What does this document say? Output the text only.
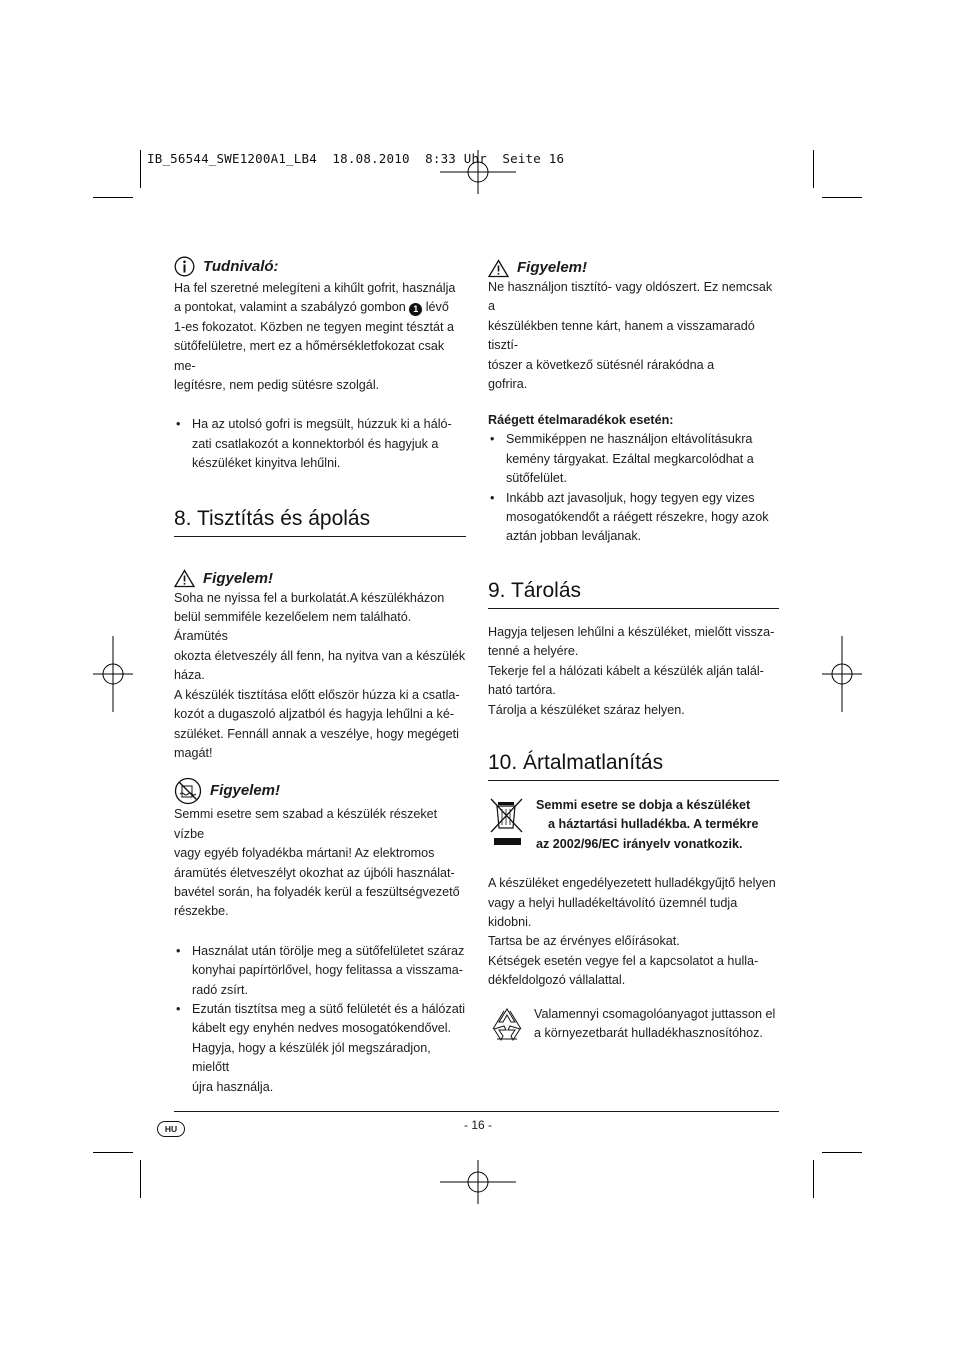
IB_56544_SWE1200A1_LB4  18.08.2010  8:33 Uhr  Seite 16
Tudnivaló:

Ha fel szeretné melegíteni a kihűlt gofrit, használja

a pontokat, valamint a szabályzó gombon 1 lévő

1-es fokozatot. Közben ne tegyen megint tésztát a

sütőfelületre, mert ez a hőmérsékletfokozat csak me-

legítésre, nem pedig sütésre szolgál.

• Ha az utolsó gofri is megsült, húzzuk ki a háló-

zati csatlakozót a konnektorból és hagyjuk a

készüléket kinyitva lehűlni.

8. Tisztítás és ápolás
Figyelem!

Soha ne nyissa fel a burkolatát.A készülékházon

belül semmiféle kezelőelem nem található. Áramütés

okozta életveszély áll fenn, ha nyitva van a készülék

háza.

A készülék tisztítása előtt először húzza ki a csatla-

kozót a dugaszoló aljzatból és hagyja lehűlni a ké-

szüléket. Fennáll annak a veszélye, hogy megégeti

magát!

Figyelem!

Semmi esetre sem szabad a készülék részeket vízbe

vagy egyéb folyadékba mártani! Az elektromos

áramütés életveszélyt okozhat az újbóli használat-

bavétel során, ha folyadék kerül a feszültségvezető

részekbe.

• Használat után törölje meg a sütőfelületet száraz

konyhai papírtörlővel, hogy felitassa a visszama-

radó zsírt.

• Ezután tisztítsa meg a sütő felületét és a hálózati

kábelt egy enyhén nedves mosogatókendővel.

Hagyja, hogy a készülék jól megszáradjon, mielőtt

újra használja.

Figyelem!

Ne használjon tisztító- vagy oldószert. Ez nemcsak a

készülékben tenne kárt, hanem a visszamaradó tisztí-

tószer a következő sütésnél rárakódna a

gofrira.

Ráégett ételmaradékok esetén:

• Semmiképpen ne használjon eltávolításukra

kemény tárgyakat. Ezáltal megkarcolódhat a

sütőfelület.

• Inkább azt javasoljuk, hogy tegyen egy vizes

mosogatókendőt a ráégett részekre, hogy azok

aztán jobban leváljanak.

9. Tárolás

Hagyja teljesen lehűlni a készüléket, mielőtt vissza-

tenné a helyére.

Tekerje fel a hálózati kábelt a készülék alján talál-

ható tartóra.

Tárolja a készüléket száraz helyen.

10. Ártalmatlanítás

Semmi esetre se dobja a készüléket

a háztartási hulladékba. A termékre

az 2002/96/EC irányelv vonatkozik.

A készüléket engedélyezetett hulladékgyűjtő helyen

vagy a helyi hulladékeltávolító üzemnél tudja kidobni.

Tartsa be az érvényes előírásokat.

Kétségek esetén vegye fel a kapcsolatot a hulla-

dékfeldolgozó vállalattal.

Valamennyi csomagolóanyagot juttasson el

a környezetbarát hulladékhasznosítóhoz.

HU	- 16 -
